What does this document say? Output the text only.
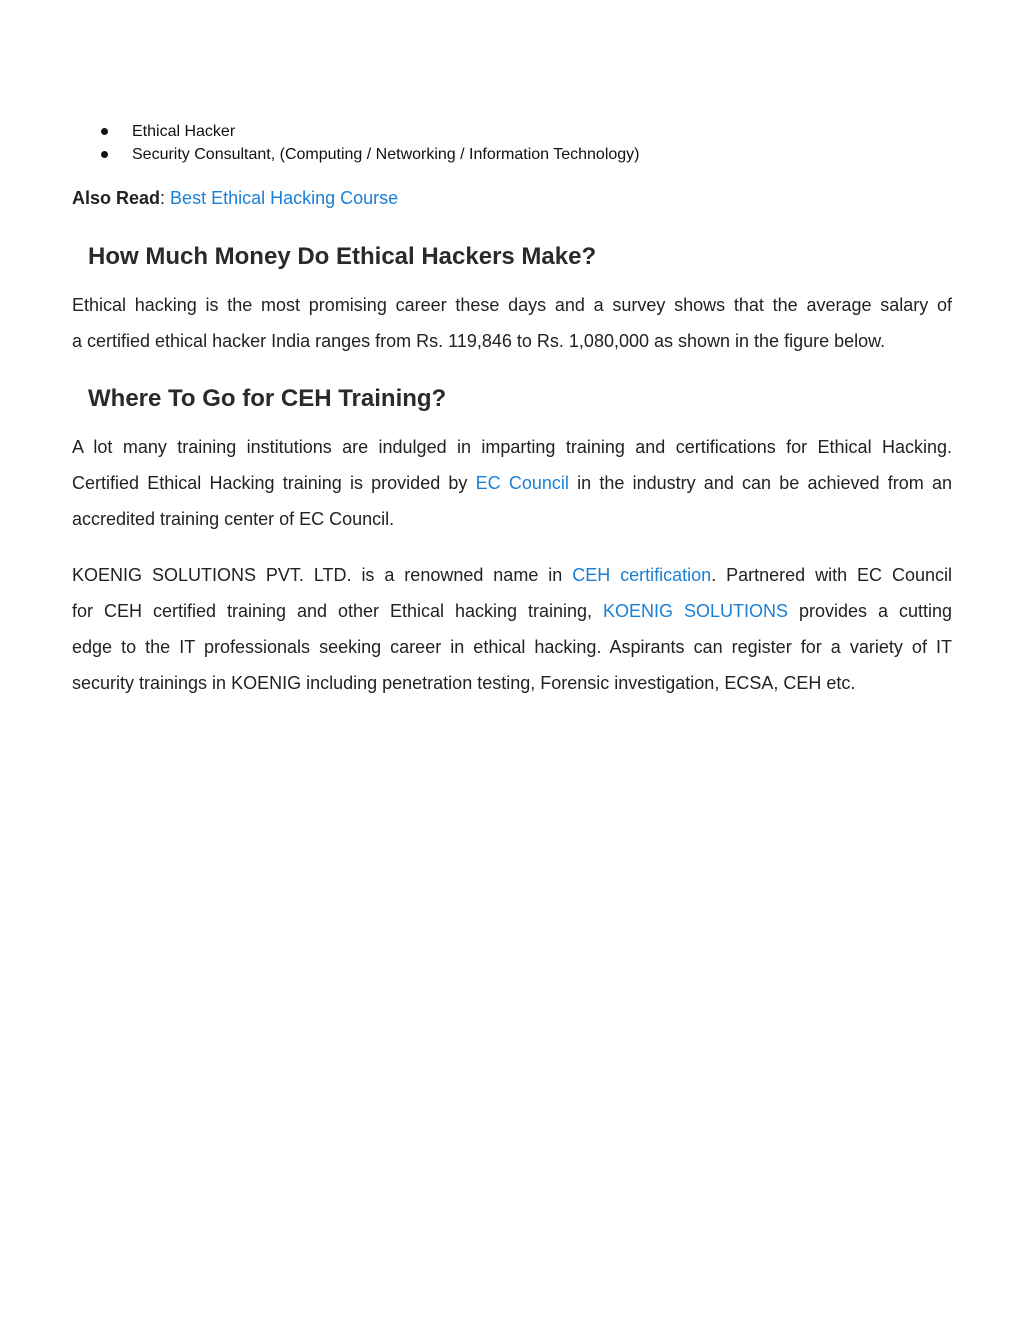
Ethical Hacker
Security Consultant, (Computing / Networking / Information Technology)
Also Read: Best Ethical Hacking Course
How Much Money Do Ethical Hackers Make?

Ethical hacking is the most promising career these days and a survey shows that the average salary of
a certified ethical hacker India ranges from Rs. 119,846 to Rs. 1,080,000 as shown in the figure below.

Where To Go for CEH Training?

A lot many training institutions are indulged in imparting training and certifications for Ethical Hacking.
Certified Ethical Hacking training is provided by EC Council in the industry and can be achieved from an
accredited training center of EC Council.

KOENIG SOLUTIONS PVT. LTD. is a renowned name in CEH certification. Partnered with EC Council
for CEH certified training and other Ethical hacking training, KOENIG SOLUTIONS provides a cutting
edge to the IT professionals seeking career in ethical hacking. Aspirants can register for a variety of IT
security trainings in KOENIG including penetration testing, Forensic investigation, ECSA, CEH etc.
